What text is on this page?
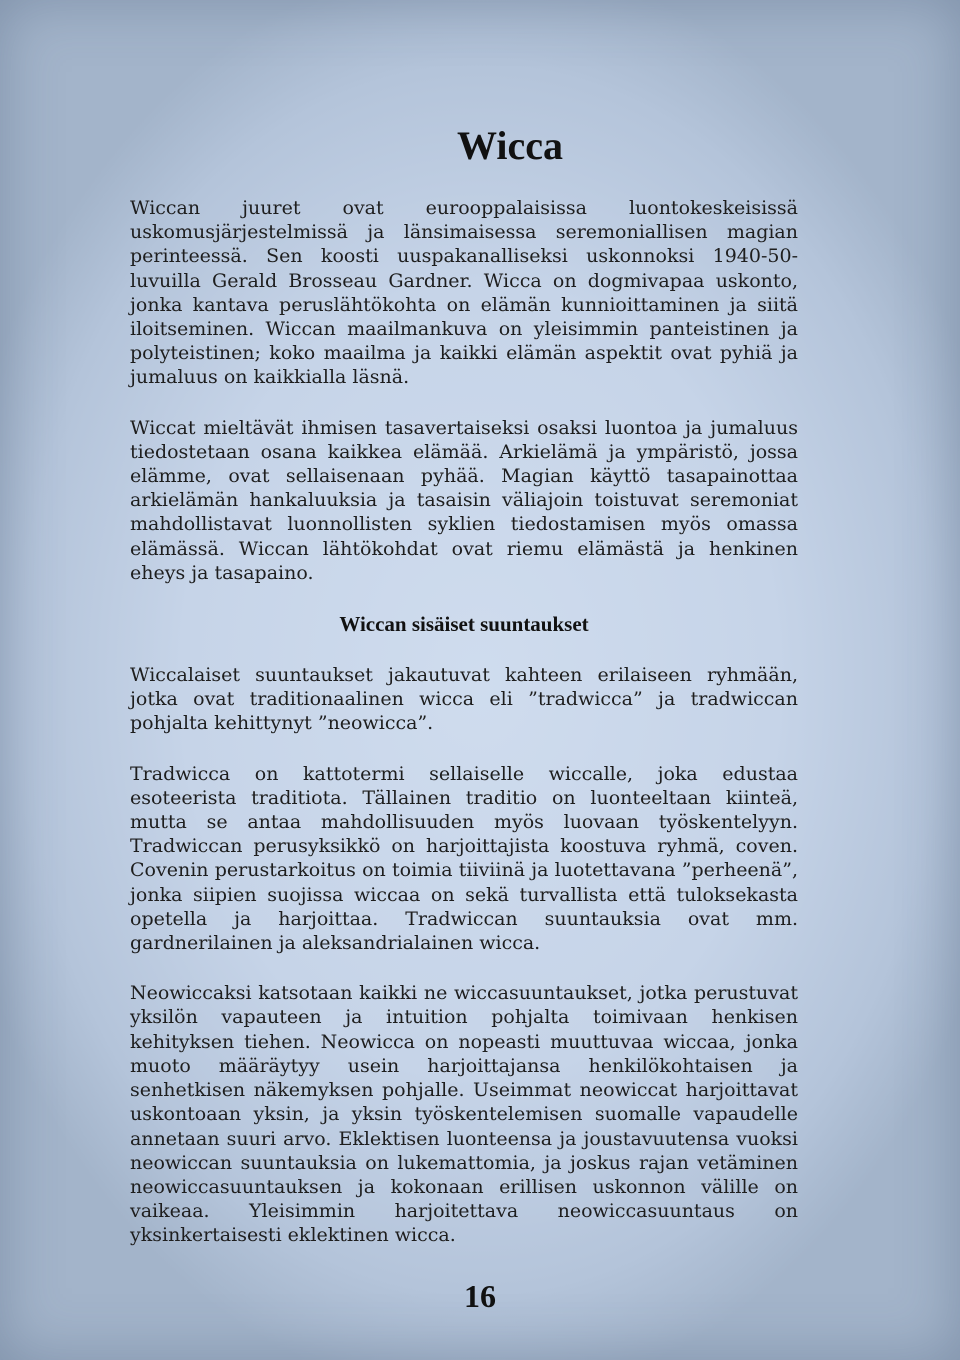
Wicca

Wiccan juuret ovat eurooppalaisissa luontokeskeisissä uskomusjärjestelmissä ja länsimaisessa seremoniallisen magian perinteessä. Sen koosti uuspakanalliseksi uskonnoksi 1940-50-luvuilla Gerald Brosseau Gardner. Wicca on dogmivapaa uskonto, jonka kantava peruslähtökohta on elämän kunnioittaminen ja siitä iloitseminen. Wiccan maailmankuva on yleisimmin panteistinen ja polyteistinen; koko maailma ja kaikki elämän aspektit ovat pyhiä ja jumaluus on kaikkialla läsnä.

Wiccat mieltävät ihmisen tasavertaiseksi osaksi luontoa ja jumaluus tiedostetaan osana kaikkea elämää. Arkielämä ja ympäristö, jossa elämme, ovat sellaisenaan pyhää. Magian käyttö tasapainottaa arkielämän hankaluuksia ja tasaisin väliajoin toistuvat seremoniat mahdollistavat luonnollisten syklien tiedostamisen myös omassa elämässä. Wiccan lähtökohdat ovat riemu elämästä ja henkinen eheys ja tasapaino.

Wiccan sisäiset suuntaukset

Wiccalaiset suuntaukset jakautuvat kahteen erilaiseen ryhmään, jotka ovat traditionaalinen wicca eli ”tradwicca” ja tradwiccan pohjalta kehittynyt ”neowicca”.

Tradwicca on kattotermi sellaiselle wiccalle, joka edustaa esoteerista traditiota. Tällainen traditio on luonteeltaan kiinteä, mutta se antaa mahdollisuuden myös luovaan työskentelyyn. Tradwiccan perusyksikkö on harjoittajista koostuva ryhmä, coven. Covenin perustarkoitus on toimia tiiviinä ja luotettavana ”perheenä”, jonka siipien suojissa wiccaa on sekä turvallista että tuloksekasta opetella ja harjoittaa. Tradwiccan suuntauksia ovat mm. gardnerilainen ja aleksandrialainen wicca.

Neowiccaksi katsotaan kaikki ne wiccasuuntaukset, jotka perustuvat yksilön vapauteen ja intuition pohjalta toimivaan henkisen kehityksen tiehen. Neowicca on nopeasti muuttuvaa wiccaa, jonka muoto määräytyy usein harjoittajansa henkilökohtaisen ja senhetkisen näkemyksen pohjalle. Useimmat neowiccat harjoittavat uskontoaan yksin, ja yksin työskentelemisen suomalle vapaudelle annetaan suuri arvo. Eklektisen luonteensa ja joustavuutensa vuoksi neowiccan suuntauksia on lukemattomia, ja joskus rajan vetäminen neowiccasuuntauksen ja kokonaan erillisen uskonnon välille on vaikeaa. Yleisimmin harjoitettava neowiccasuuntaus on yksinkertaisesti eklektinen wicca.

16
